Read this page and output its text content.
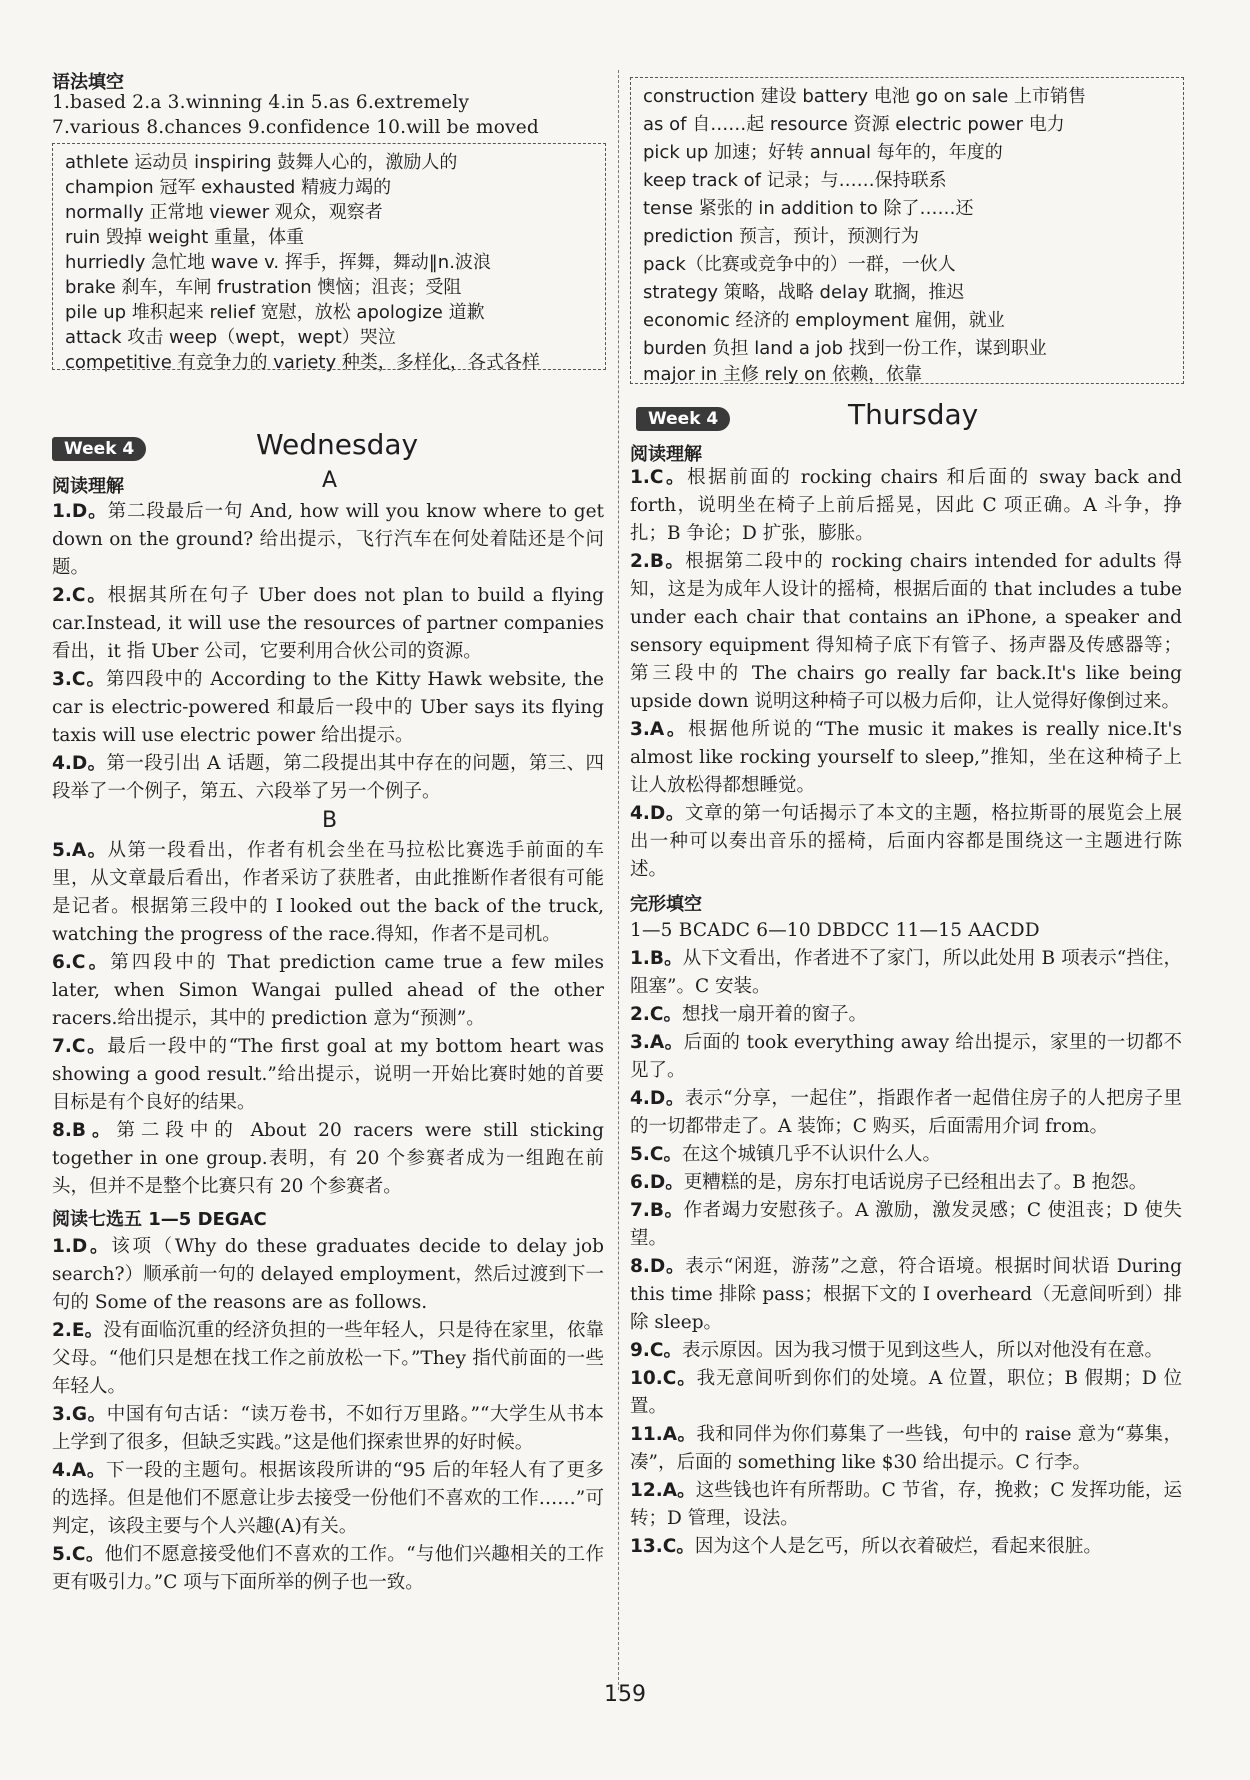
语法填空
1.based 2.a 3.winning 4.in 5.as 6.extremely
7.various 8.chances 9.confidence 10.will be moved
athlete 运动员 inspiring 鼓舞人心的，激励人的
champion 冠军 exhausted 精疲力竭的
normally 正常地 viewer 观众，观察者
ruin 毁掉 weight 重量，体重
hurriedly 急忙地 wave v. 挥手，挥舞，舞动‖n.波浪
brake 刹车，车闸 frustration 懊恼；沮丧；受阻
pile up 堆积起来 relief 宽慰，放松 apologize 道歉
attack 攻击 weep（wept，wept）哭泣
competitive 有竞争力的 variety 种类，多样化，各式各样
Week 4	Wednesday
阅读理解	A
1.D。第二段最后一句 And, how will you know where to get down on the ground? 给出提示，飞行汽车在何处着陆还是个问题。
2.C。根据其所在句子 Uber does not plan to build a flying car.Instead, it will use the resources of partner companies 看出，it 指 Uber 公司，它要利用合伙公司的资源。
3.C。第四段中的 According to the Kitty Hawk website, the car is electric-powered 和最后一段中的 Uber says its flying taxis will use electric power 给出提示。
4.D。第一段引出 A 话题，第二段提出其中存在的问题，第三、四段举了一个例子，第五、六段举了另一个例子。
B
5.A。从第一段看出，作者有机会坐在马拉松比赛选手前面的车里，从文章最后看出，作者采访了获胜者，由此推断作者很有可能是记者。根据第三段中的 I looked out the back of the truck, watching the progress of the race.得知，作者不是司机。
6.C。第四段中的 That prediction came true a few miles later, when Simon Wangai pulled ahead of the other racers.给出提示，其中的 prediction 意为“预测”。
7.C。最后一段中的“The first goal at my bottom heart was showing a good result.”给出提示，说明一开始比赛时她的首要目标是有个良好的结果。
8.B。第二段中的 About 20 racers were still sticking together in one group.表明，有 20 个参赛者成为一组跑在前头，但并不是整个比赛只有 20 个参赛者。
阅读七选五 1—5 DEGAC
1.D。该项（Why do these graduates decide to delay job search?）顺承前一句的 delayed employment，然后过渡到下一句的 Some of the reasons are as follows.
2.E。没有面临沉重的经济负担的一些年轻人，只是待在家里，依靠父母。“他们只是想在找工作之前放松一下。”They 指代前面的一些年轻人。
3.G。中国有句古话：“读万卷书，不如行万里路。”“大学生从书本上学到了很多，但缺乏实践。”这是他们探索世界的好时候。
4.A。下一段的主题句。根据该段所讲的“95 后的年轻人有了更多的选择。但是他们不愿意让步去接受一份他们不喜欢的工作……”可判定，该段主要与个人兴趣(A)有关。
5.C。他们不愿意接受他们不喜欢的工作。“与他们兴趣相关的工作更有吸引力。”C 项与下面所举的例子也一致。
construction 建设 battery 电池 go on sale 上市销售
as of 自……起 resource 资源 electric power 电力
pick up 加速；好转 annual 每年的，年度的
keep track of 记录；与……保持联系
tense 紧张的 in addition to 除了……还
prediction 预言，预计，预测行为
pack（比赛或竞争中的）一群，一伙人
strategy 策略，战略 delay 耽搁，推迟
economic 经济的 employment 雇佣，就业
burden 负担 land a job 找到一份工作，谋到职业
major in 主修 rely on 依赖，依靠
Week 4	Thursday
阅读理解
1.C。根据前面的 rocking chairs 和后面的 sway back and forth，说明坐在椅子上前后摇晃，因此 C 项正确。A 斗争，挣扎；B 争论；D 扩张，膨胀。
2.B。根据第二段中的 rocking chairs intended for adults 得知，这是为成年人设计的摇椅，根据后面的 that includes a tube under each chair that contains an iPhone, a speaker and sensory equipment 得知椅子底下有管子、扬声器及传感器等；第三段中的 The chairs go really far back.It's like being upside down 说明这种椅子可以极力后仰，让人觉得好像倒过来。
3.A。根据他所说的“The music it makes is really nice.It's almost like rocking yourself to sleep,”推知，坐在这种椅子上让人放松得都想睡觉。
4.D。文章的第一句话揭示了本文的主题，格拉斯哥的展览会上展出一种可以奏出音乐的摇椅，后面内容都是围绕这一主题进行陈述。
完形填空
1—5 BCADC 6—10 DBDCC 11—15 AACDD
1.B。从下文看出，作者进不了家门，所以此处用 B 项表示“挡住，阻塞”。C 安装。
2.C。想找一扇开着的窗子。
3.A。后面的 took everything away 给出提示，家里的一切都不见了。
4.D。表示“分享，一起住”，指跟作者一起借住房子的人把房子里的一切都带走了。A 装饰；C 购买，后面需用介词 from。
5.C。在这个城镇几乎不认识什么人。
6.D。更糟糕的是，房东打电话说房子已经租出去了。B 抱怨。
7.B。作者竭力安慰孩子。A 激励，激发灵感；C 使沮丧；D 使失望。
8.D。表示“闲逛，游荡”之意，符合语境。根据时间状语 During this time 排除 pass；根据下文的 I overheard（无意间听到）排除 sleep。
9.C。表示原因。因为我习惯于见到这些人，所以对他没有在意。
10.C。我无意间听到你们的处境。A 位置，职位；B 假期；D 位置。
11.A。我和同伴为你们募集了一些钱，句中的 raise 意为“募集，凑”，后面的 something like $30 给出提示。C 行李。
12.A。这些钱也许有所帮助。C 节省，存，挽救；C 发挥功能，运转；D 管理，设法。
13.C。因为这个人是乞丐，所以衣着破烂，看起来很脏。
159
